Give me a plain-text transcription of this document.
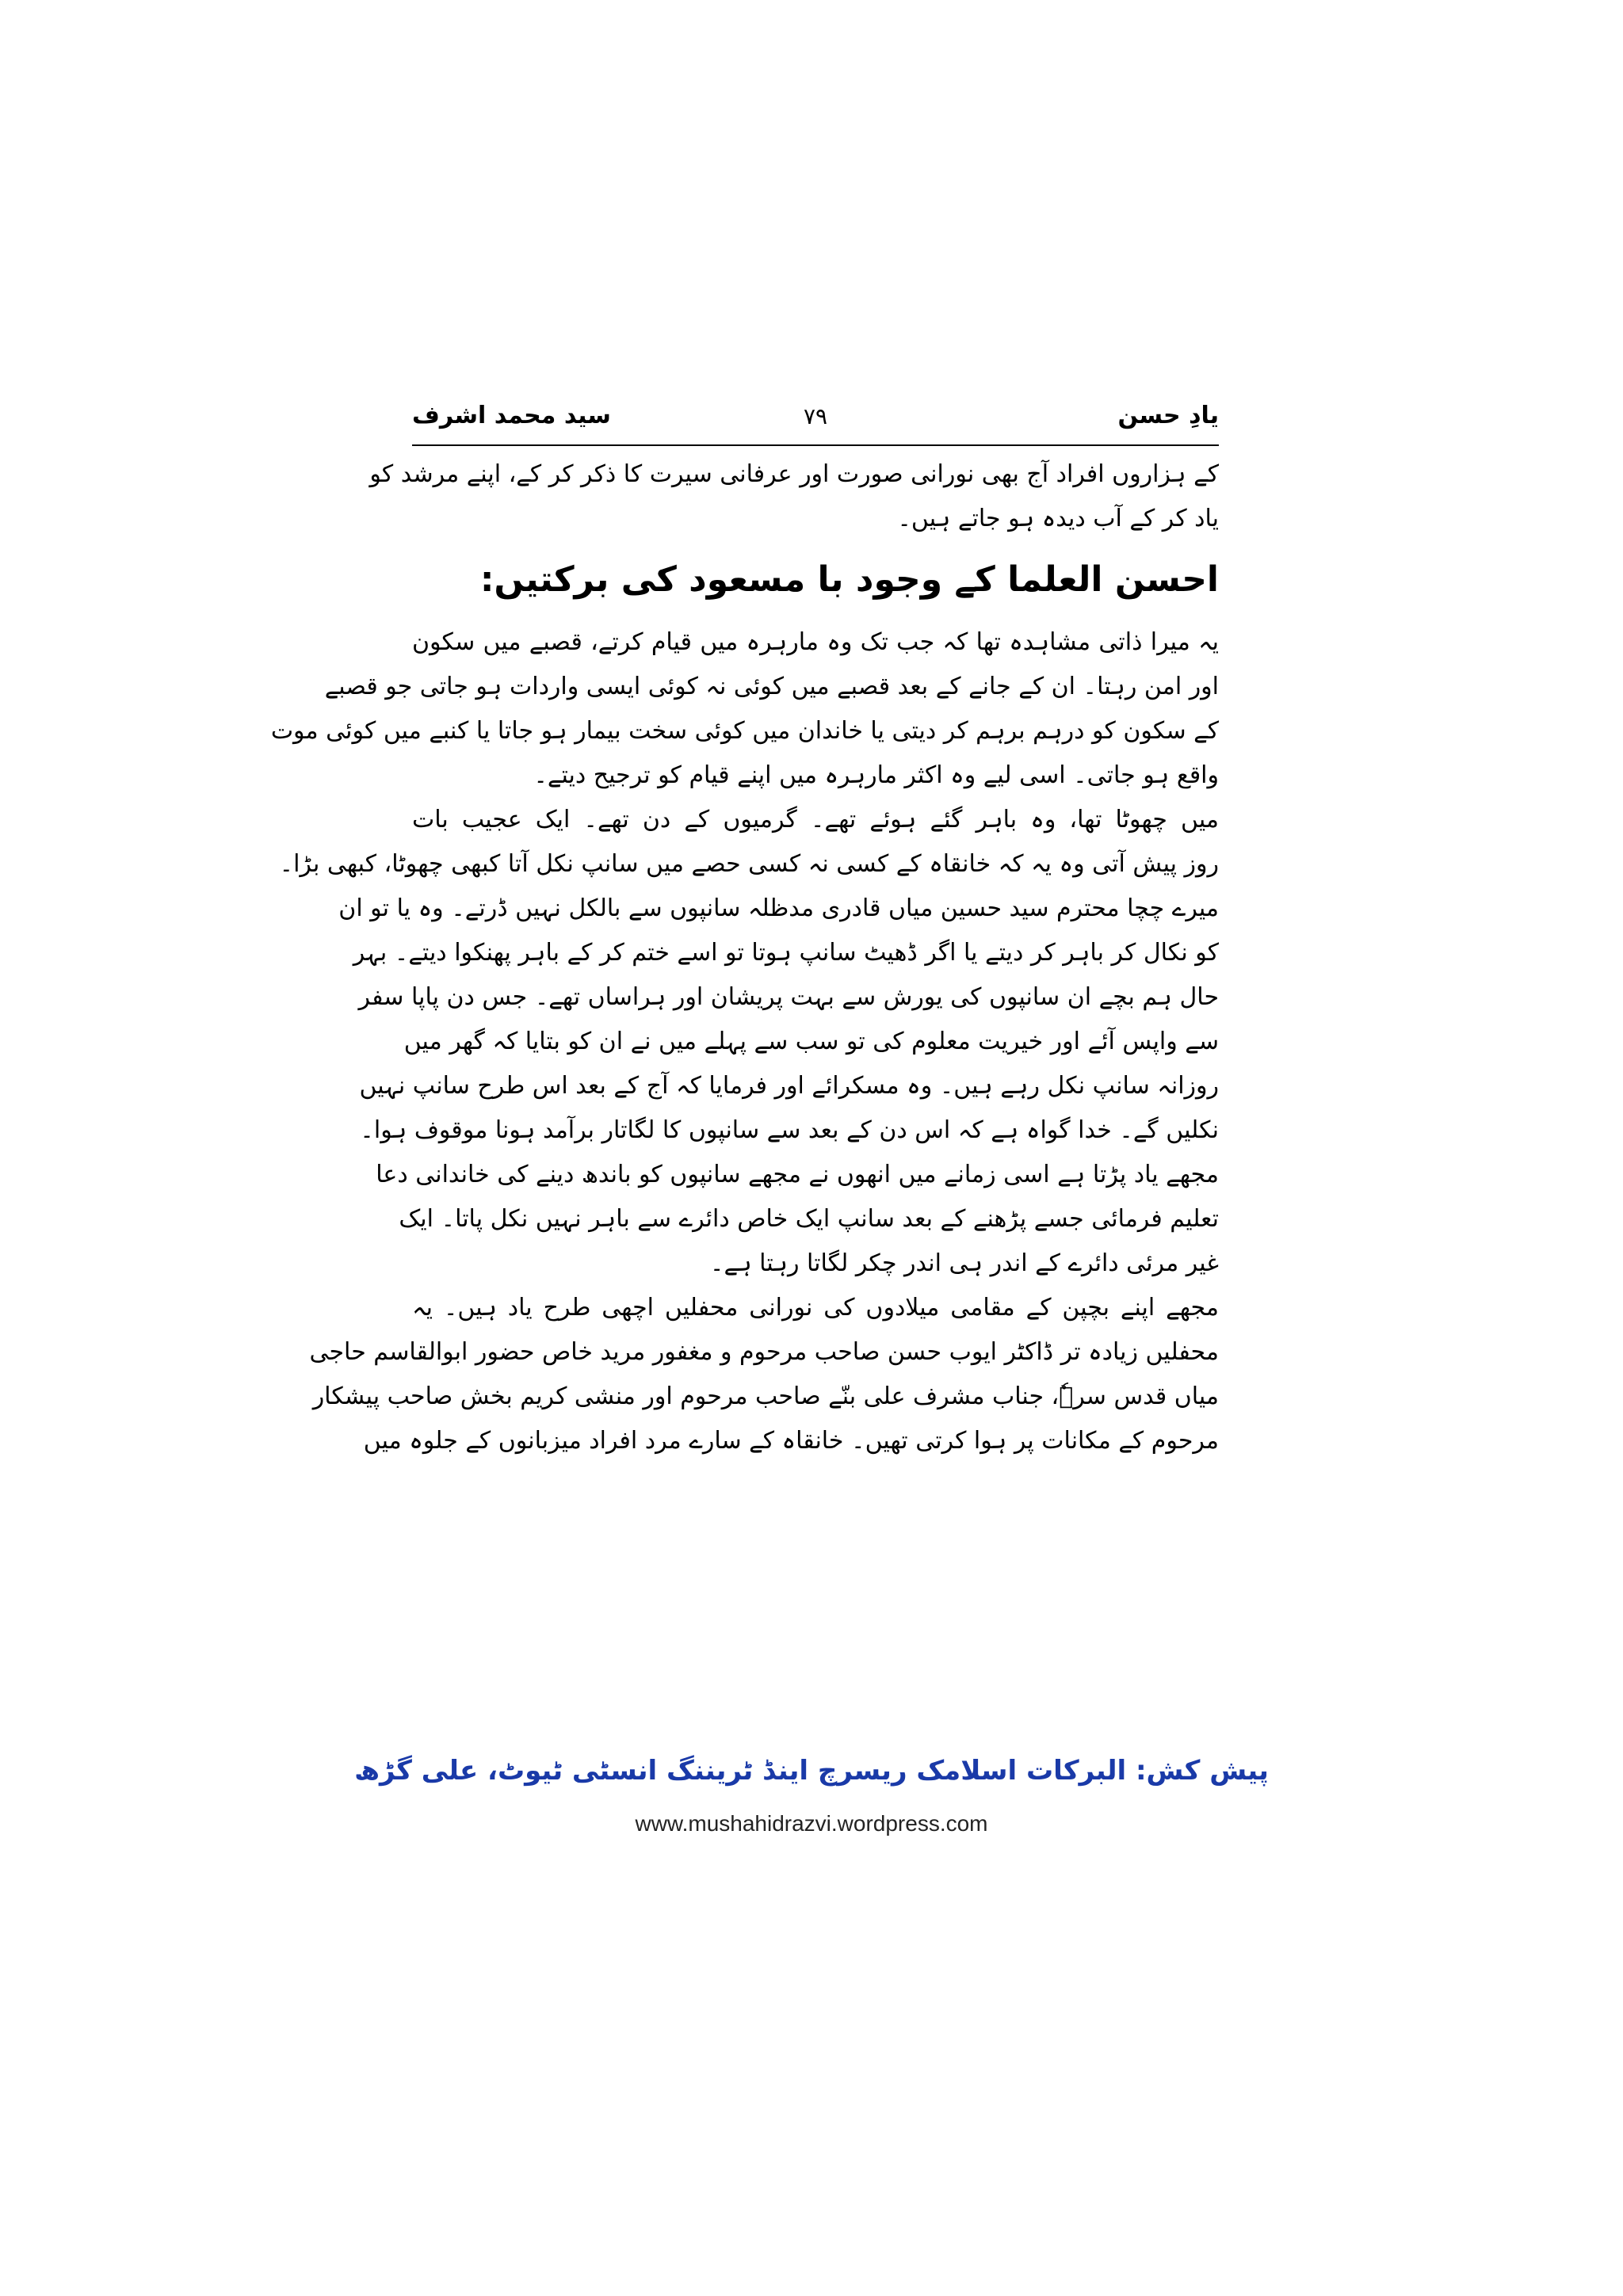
یادِ حسن
۷۹
سید محمد اشرف
کے ہزاروں افراد آج بھی نورانی صورت اور عرفانی سیرت کا ذکر کر کے، اپنے مرشد کو
یاد کر کے آب دیدہ ہو جاتے ہیں۔
احسن العلما کے وجود با مسعود کی برکتیں:
یہ میرا ذاتی مشاہدہ تھا کہ جب تک وہ مارہرہ میں قیام کرتے، قصبے میں سکون
اور امن رہتا۔ ان کے جانے کے بعد قصبے میں کوئی نہ کوئی ایسی واردات ہو جاتی جو قصبے
کے سکون کو درہم برہم کر دیتی یا خاندان میں کوئی سخت بیمار ہو جاتا یا کنبے میں کوئی موت
واقع ہو جاتی۔ اسی لیے وہ اکثر مارہرہ میں اپنے قیام کو ترجیح دیتے۔
میں چھوٹا تھا، وہ باہر گئے ہوئے تھے۔ گرمیوں کے دن تھے۔ ایک عجیب بات
روز پیش آتی وہ یہ کہ خانقاہ کے کسی نہ کسی حصے میں سانپ نکل آتا کبھی چھوٹا، کبھی بڑا۔
میرے چچا محترم سید حسین میاں قادری مدظلہ سانپوں سے بالکل نہیں ڈرتے۔ وہ یا تو ان
کو نکال کر باہر کر دیتے یا اگر ڈھیٹ سانپ ہوتا تو اسے ختم کر کے باہر پھنکوا دیتے۔ بہر
حال ہم بچے ان سانپوں کی یورش سے بہت پریشان اور ہراساں تھے۔ جس دن پاپا سفر
سے واپس آئے اور خیریت معلوم کی تو سب سے پہلے میں نے ان کو بتایا کہ گھر میں
روزانہ سانپ نکل رہے ہیں۔ وہ مسکرائے اور فرمایا کہ آج کے بعد اس طرح سانپ نہیں
نکلیں گے۔ خدا گواہ ہے کہ اس دن کے بعد سے سانپوں کا لگاتار برآمد ہونا موقوف ہوا۔
مجھے یاد پڑتا ہے اسی زمانے میں انھوں نے مجھے سانپوں کو باندھ دینے کی خاندانی دعا
تعلیم فرمائی جسے پڑھنے کے بعد سانپ ایک خاص دائرے سے باہر نہیں نکل پاتا۔ ایک
غیر مرئی دائرے کے اندر ہی اندر چکر لگاتا رہتا ہے۔
مجھے اپنے بچپن کے مقامی میلادوں کی نورانی محفلیں اچھی طرح یاد ہیں۔ یہ
محفلیں زیادہ تر ڈاکٹر ایوب حسن صاحب مرحوم و مغفور مرید خاص حضور ابوالقاسم حاجی
میاں قدس سرہٗ، جناب مشرف علی بنّے صاحب مرحوم اور منشی کریم بخش صاحب پیشکار
مرحوم کے مکانات پر ہوا کرتی تھیں۔ خانقاہ کے سارے مرد افراد میزبانوں کے جلوہ میں
پیش کش: البرکات اسلامک ریسرچ اینڈ ٹریننگ انسٹی ٹیوٹ، علی گڑھ
www.mushahidrazvi.wordpress.com
